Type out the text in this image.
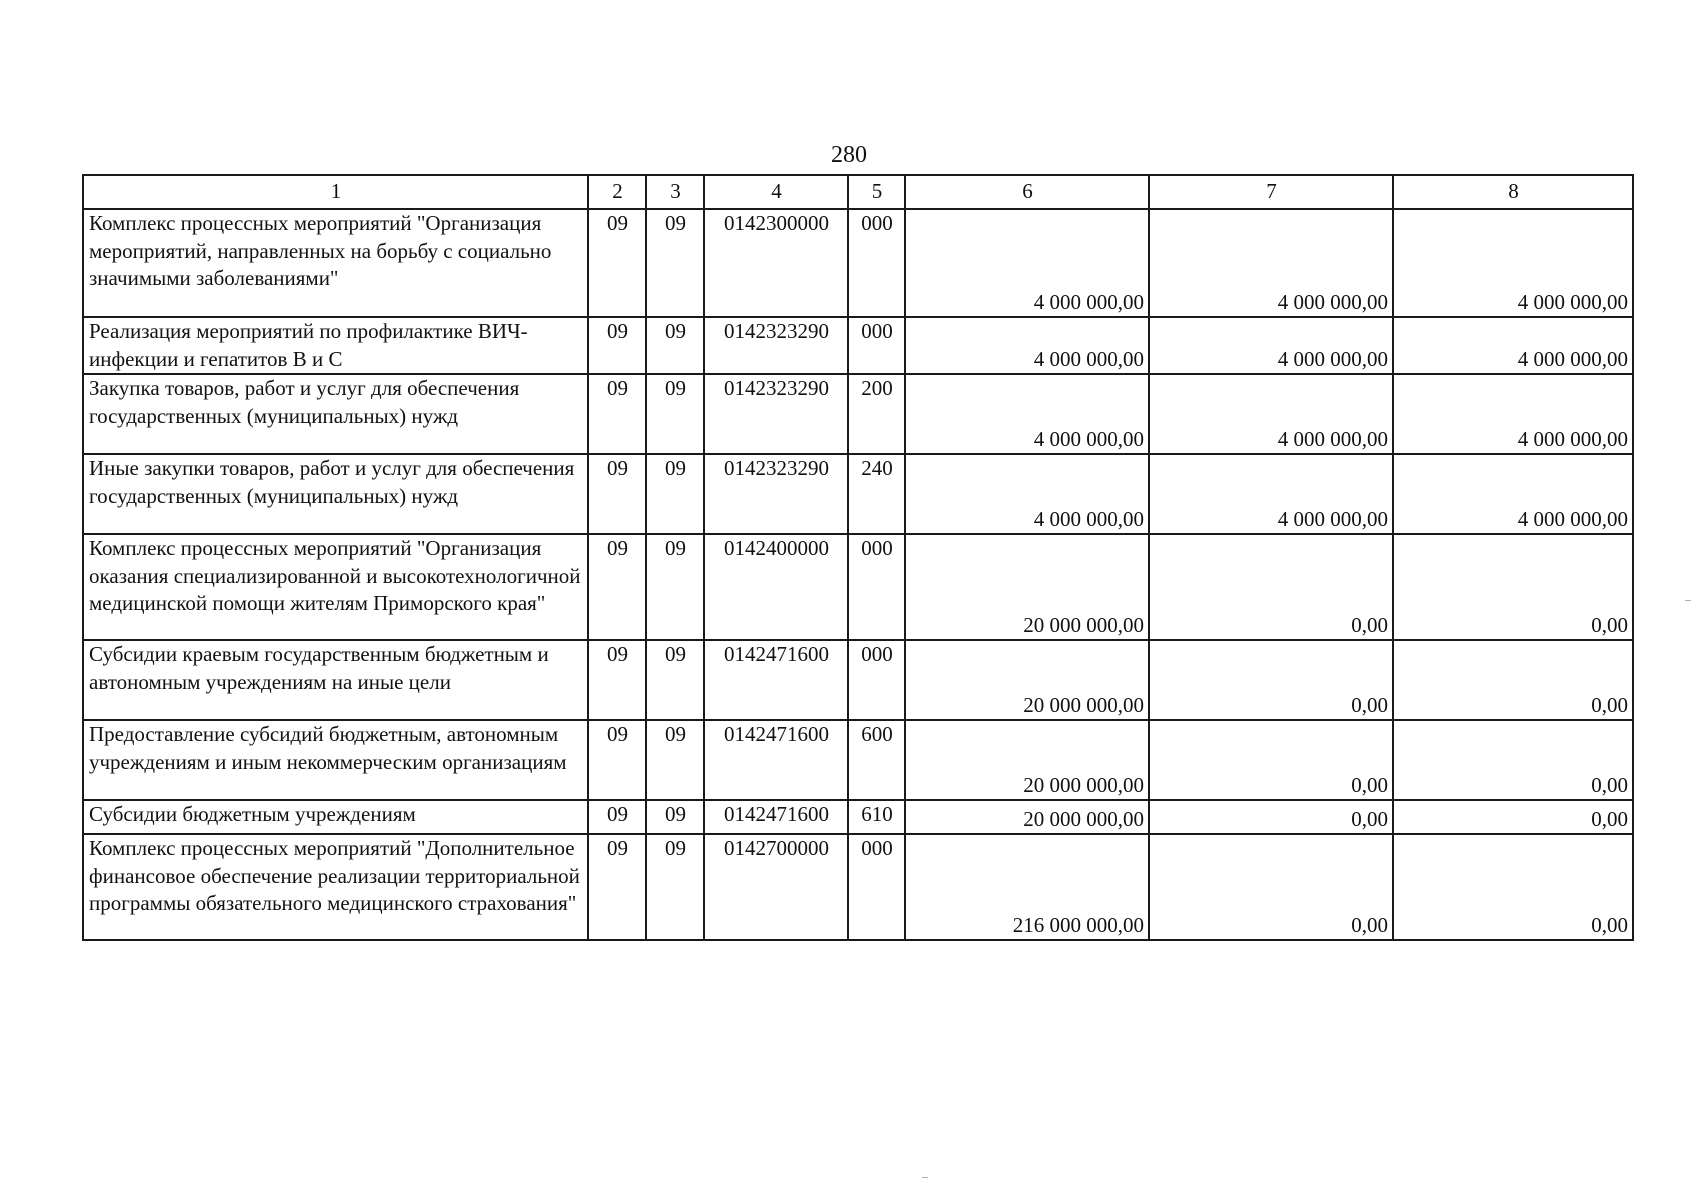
280
1	2	3	4	5	6	7	8
Комплекс процессных мероприятий "Организация мероприятий, направленных на борьбу с социально значимыми заболеваниями"	09	09	0142300000	000	4 000 000,00	4 000 000,00	4 000 000,00
Реализация мероприятий по профилактике ВИЧ-инфекции и гепатитов B и C	09	09	0142323290	000	4 000 000,00	4 000 000,00	4 000 000,00
Закупка товаров, работ и услуг для обеспечения государственных (муниципальных) нужд	09	09	0142323290	200	4 000 000,00	4 000 000,00	4 000 000,00
Иные закупки товаров, работ и услуг для обеспечения государственных (муниципальных) нужд	09	09	0142323290	240	4 000 000,00	4 000 000,00	4 000 000,00
Комплекс процессных мероприятий "Организация оказания специализированной и высокотехнологичной медицинской помощи жителям Приморского края"	09	09	0142400000	000	20 000 000,00	0,00	0,00
Субсидии краевым государственным бюджетным и автономным учреждениям на иные цели	09	09	0142471600	000	20 000 000,00	0,00	0,00
Предоставление субсидий бюджетным, автономным учреждениям и иным некоммерческим организациям	09	09	0142471600	600	20 000 000,00	0,00	0,00
Субсидии бюджетным учреждениям	09	09	0142471600	610	20 000 000,00	0,00	0,00
Комплекс процессных мероприятий "Дополнительное финансовое обеспечение реализации территориальной программы обязательного медицинского страхования"	09	09	0142700000	000	216 000 000,00	0,00	0,00
